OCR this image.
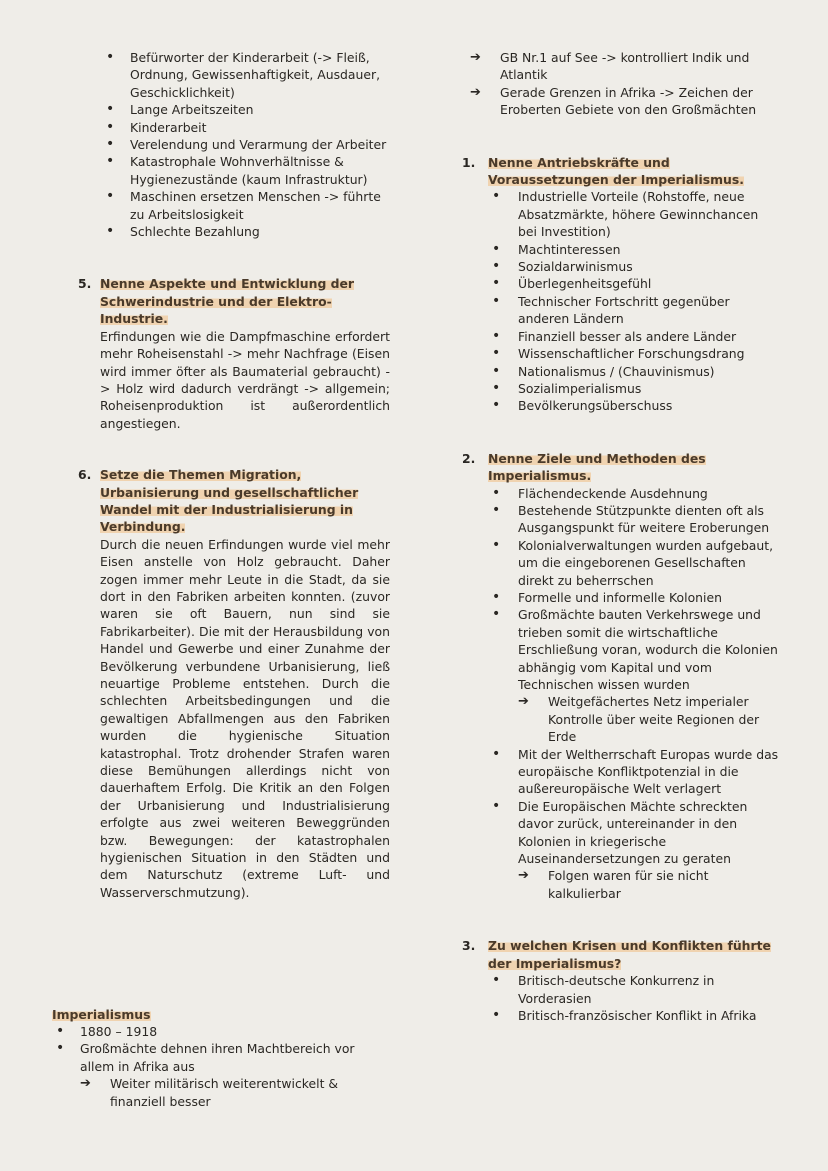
• Befürworter der Kinderarbeit (-> Fleiß, Ordnung, Gewissenhaftigkeit, Ausdauer, Geschicklichkeit)
• Lange Arbeitszeiten
• Kinderarbeit
• Verelendung und Verarmung der Arbeiter
• Katastrophale Wohnverhältnisse & Hygienezustände (kaum Infrastruktur)
• Maschinen ersetzen Menschen -> führte zu Arbeitslosigkeit
• Schlechte Bezahlung
5. Nenne Aspekte und Entwicklung der Schwerindustrie und der Elektro-Industrie.
Erfindungen wie die Dampfmaschine erfordert mehr Roheisenstahl -> mehr Nachfrage (Eisen wird immer öfter als Baumaterial gebraucht) -> Holz wird dadurch verdrängt -> allgemein; Roheisenproduktion ist außerordentlich angestiegen.
6. Setze die Themen Migration, Urbanisierung und gesellschaftlicher Wandel mit der Industrialisierung in Verbindung.
Durch die neuen Erfindungen wurde viel mehr Eisen anstelle von Holz gebraucht. Daher zogen immer mehr Leute in die Stadt, da sie dort in den Fabriken arbeiten konnten. (zuvor waren sie oft Bauern, nun sind sie Fabrikarbeiter). Die mit der Herausbildung von Handel und Gewerbe und einer Zunahme der Bevölkerung verbundene Urbanisierung, ließ neuartige Probleme entstehen. Durch die schlechten Arbeitsbedingungen und die gewaltigen Abfallmengen aus den Fabriken wurden die hygienische Situation katastrophal. Trotz drohender Strafen waren diese Bemühungen allerdings nicht von dauerhaftem Erfolg. Die Kritik an den Folgen der Urbanisierung und Industrialisierung erfolgte aus zwei weiteren Beweggründen bzw. Bewegungen: der katastrophalen hygienischen Situation in den Städten und dem Naturschutz (extreme Luft- und Wasserverschmutzung).
Imperialismus
• 1880 – 1918
• Großmächte dehnen ihren Machtbereich vor allem in Afrika aus
➔ Weiter militärisch weiterentwickelt & finanziell besser
➔ GB Nr.1 auf See -> kontrolliert Indik und Atlantik
➔ Gerade Grenzen in Afrika -> Zeichen der Eroberten Gebiete von den Großmächten
1. Nenne Antriebskräfte und Voraussetzungen der Imperialismus.
• Industrielle Vorteile (Rohstoffe, neue Absatzmärkte, höhere Gewinnchancen bei Investition)
• Machtinteressen
• Sozialdarwinismus
• Überlegenheitsgefühl
• Technischer Fortschritt gegenüber anderen Ländern
• Finanziell besser als andere Länder
• Wissenschaftlicher Forschungsdrang
• Nationalismus / (Chauvinismus)
• Sozialimperialismus
• Bevölkerungsüberschuss
2. Nenne Ziele und Methoden des Imperialismus.
• Flächendeckende Ausdehnung
• Bestehende Stützpunkte dienten oft als Ausgangspunkt für weitere Eroberungen
• Kolonialverwaltungen wurden aufgebaut, um die eingeborenen Gesellschaften direkt zu beherrschen
• Formelle und informelle Kolonien
• Großmächte bauten Verkehrswege und trieben somit die wirtschaftliche Erschließung voran, wodurch die Kolonien abhängig vom Kapital und vom Technischen wissen wurden
➔ Weitgefächertes Netz imperialer Kontrolle über weite Regionen der Erde
• Mit der Weltherrschaft Europas wurde das europäische Konfliktpotenzial in die außereuropäische Welt verlagert
• Die Europäischen Mächte schreckten davor zurück, untereinander in den Kolonien in kriegerische Auseinandersetzungen zu geraten
➔ Folgen waren für sie nicht kalkulierbar
3. Zu welchen Krisen und Konflikten führte der Imperialismus?
• Britisch-deutsche Konkurrenz in Vorderasien
• Britisch-französischer Konflikt in Afrika
